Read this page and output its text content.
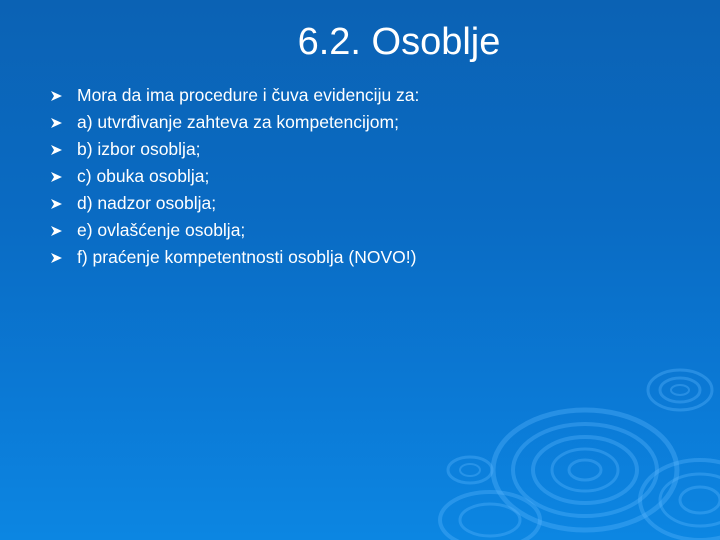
6.2. Osoblje
Mora da ima procedure i čuva evidenciju za:
a) utvrđivanje zahteva za kompetencijom;
b) izbor osoblja;
c) obuka osoblja;
d) nadzor osoblja;
e) ovlašćenje osoblja;
f) praćenje kompetentnosti osoblja (NOVO!)
